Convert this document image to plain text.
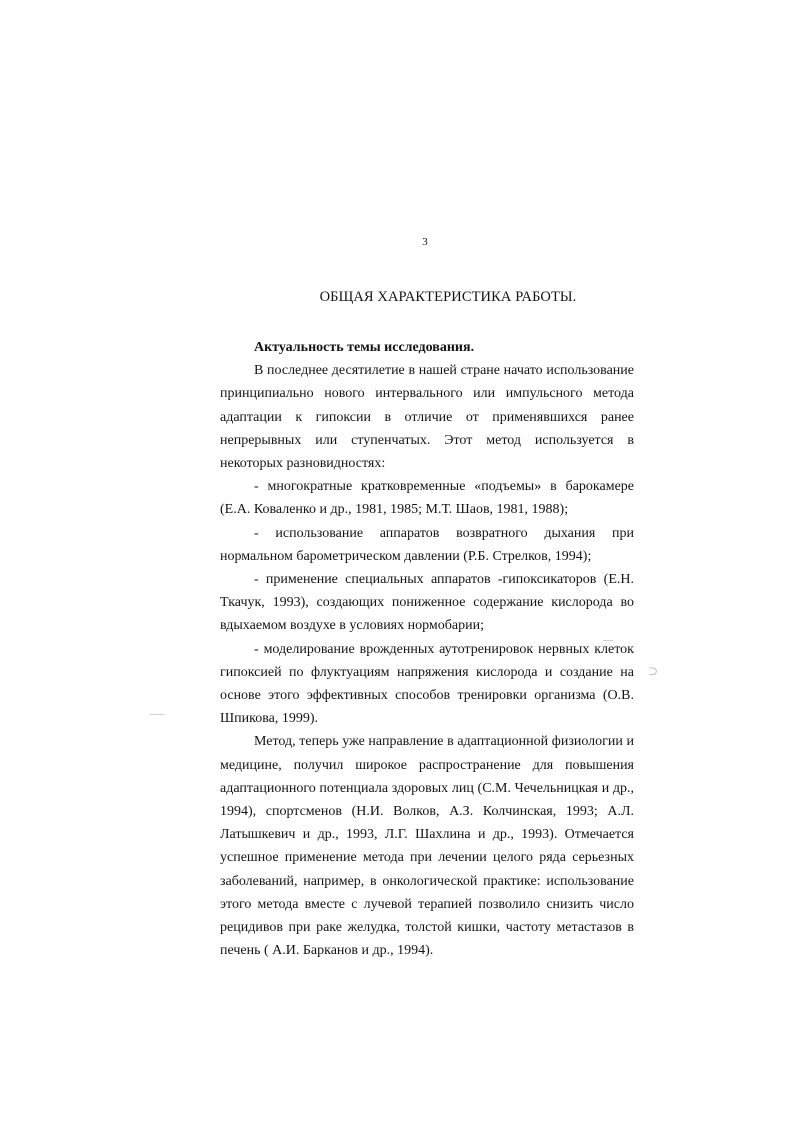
3
ОБЩАЯ ХАРАКТЕРИСТИКА РАБОТЫ.

Актуальность темы исследования.

В последнее десятилетие в нашей стране начато использование принципиально нового интервального или импульсного метода адаптации к гипоксии в отличие от применявшихся ранее непрерывных или ступенчатых. Этот метод используется в некоторых разновидностях:

- многократные кратковременные «подъемы» в барокамере (Е.А. Коваленко и др., 1981, 1985; М.Т. Шаов, 1981, 1988);

- использование аппаратов возвратного дыхания при нормальном барометрическом давлении (Р.Б. Стрелков, 1994);

- применение специальных аппаратов -гипоксикаторов (Е.Н. Ткачук, 1993), создающих пониженное содержание кислорода во вдыхаемом воздухе в условиях нормобарии;

- моделирование врожденных аутотренировок нервных клеток гипоксией по флуктуациям напряжения кислорода и создание на основе этого эффективных способов тренировки организма (О.В. Шпикова, 1999).

Метод, теперь уже направление в адаптационной физиологии и медицине, получил широкое распространение для повышения адаптационного потенциала здоровых лиц (С.М. Чечельницкая и др., 1994), спортсменов (Н.И. Волков, А.З. Колчинская, 1993; А.Л. Латышкевич и др., 1993, Л.Г. Шахлина и др., 1993). Отмечается успешное применение метода при лечении целого ряда серьезных заболеваний, например, в онкологической практике: использование этого метода вместе с лучевой терапией позволило снизить число рецидивов при раке желудка, толстой кишки, частоту метастазов в печень ( А.И. Барканов и др., 1994).

⊃
